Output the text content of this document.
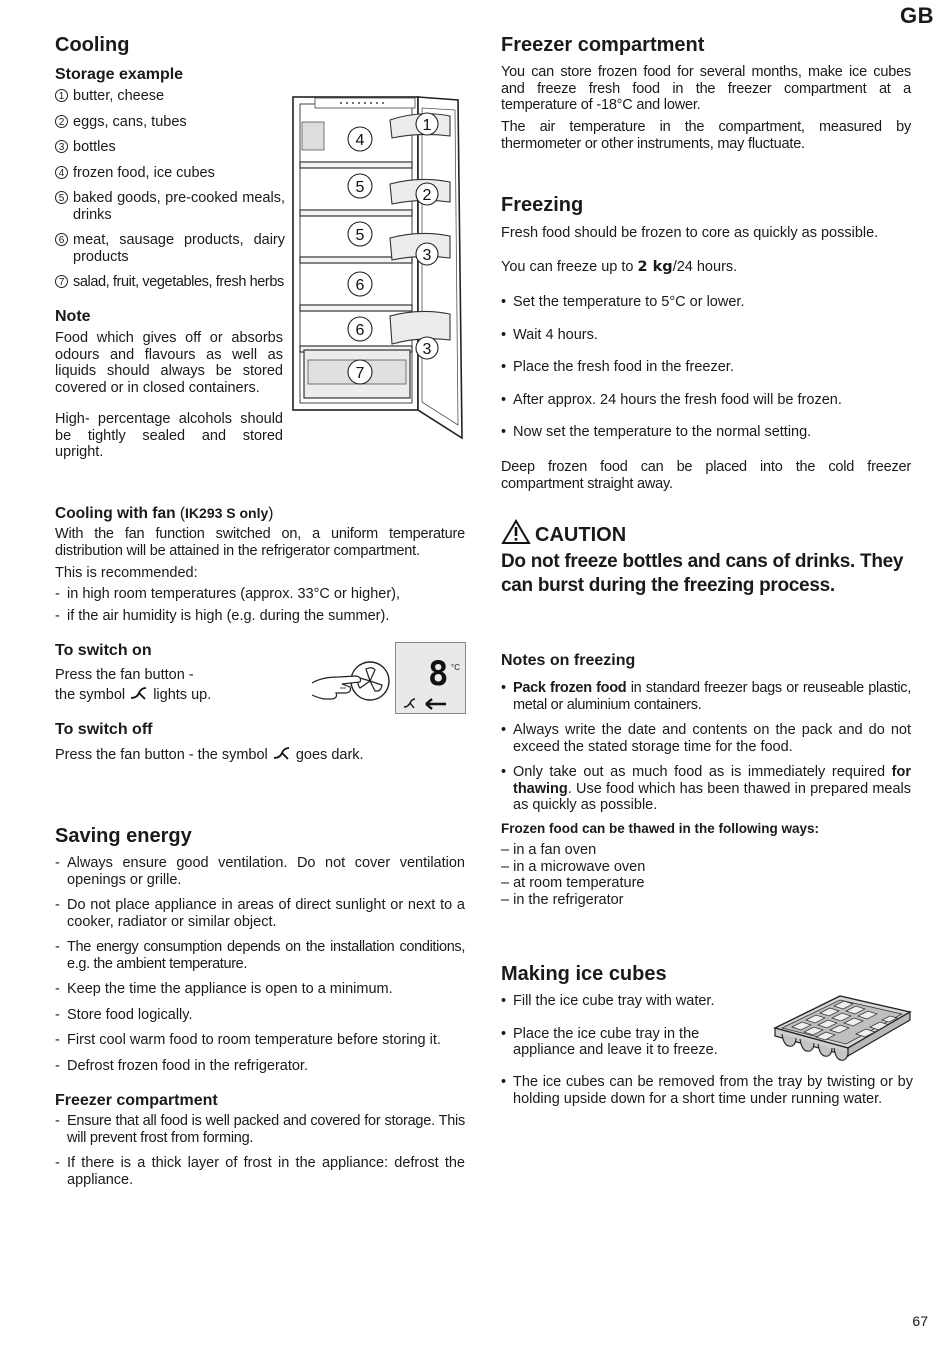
GB
67
Cooling
Storage example
1 butter, cheese
2 eggs, cans, tubes
3 bottles
4 frozen food, ice cubes
5 baked goods, pre-cooked meals, drinks
6 meat, sausage products, dairy products
7 salad, fruit, vegetables, fresh herbs
Note

Food which gives off or absorbs odours and flavours as well as liquids should always be stored covered or in closed containers.

High- percentage alcohols should be tightly sealed and stored upright.

4
5
5
6
6
7
1
2
3
3
Cooling with fan (IK293 S only)

With the fan function switched on, a uniform temperature distribution will be attained in the refrigerator compartment.

This is recommended:

- in high room temperatures (approx. 33°C or higher),
- if the air humidity is high (e.g. during the summer).
To switch on

Press the fan button -

the symbol lights up.

8 °C
To switch off

Press the fan button - the symbol goes dark.

Saving energy
- Always ensure good ventilation. Do not cover ventilation openings or grille.
- Do not place appliance in areas of direct sunlight or next to a cooker, radiator or similar object.
- The energy consumption depends on the installation conditions, e.g. the ambient temperature.
- Keep the time the appliance is open to a minimum.
- Store food logically.
- First cool warm food to room temperature before storing it.
- Defrost frozen food in the refrigerator.
Freezer compartment
- Ensure that all food is well packed and covered for storage. This will prevent frost from forming.
- If there is a thick layer of frost in the appliance: defrost the appliance.
Freezer compartment

You can store frozen food for several months, make ice cubes and freeze fresh food in the freezer compartment at a temperature of -18°C and lower.

The air temperature in the compartment, measured by thermometer or other instruments, may fluctuate.

Freezing

Fresh food should be frozen to core as quickly as possible.

You can freeze up to 2 kg/24 hours.

• Set the temperature to 5°C or lower.
• Wait 4 hours.
• Place the fresh food in the freezer.
• After approx. 24 hours the fresh food will be frozen.
• Now set the temperature to the normal setting.

Deep frozen food can be placed into the cold freezer compartment straight away.

CAUTION

Do not freeze bottles and cans of drinks. They can burst during the freezing process.

Notes on freezing
• Pack frozen food in standard freezer bags or reuseable plastic, metal or aluminium containers.
• Always write the date and contents on the pack and do not exceed the stated storage time for the food.
• Only take out as much food as is immediately required for thawing. Use food which has been thawed in prepared meals as quickly as possible.

Frozen food can be thawed in the following ways:

– in a fan oven
– in a microwave oven
– at room temperature
– in the refrigerator
Making ice cubes
• Fill the ice cube tray with water.
• Place the ice cube tray in the appliance and leave it to freeze.
• The ice cubes can be removed from the tray by twisting or by holding upside down for a short time under running water.
